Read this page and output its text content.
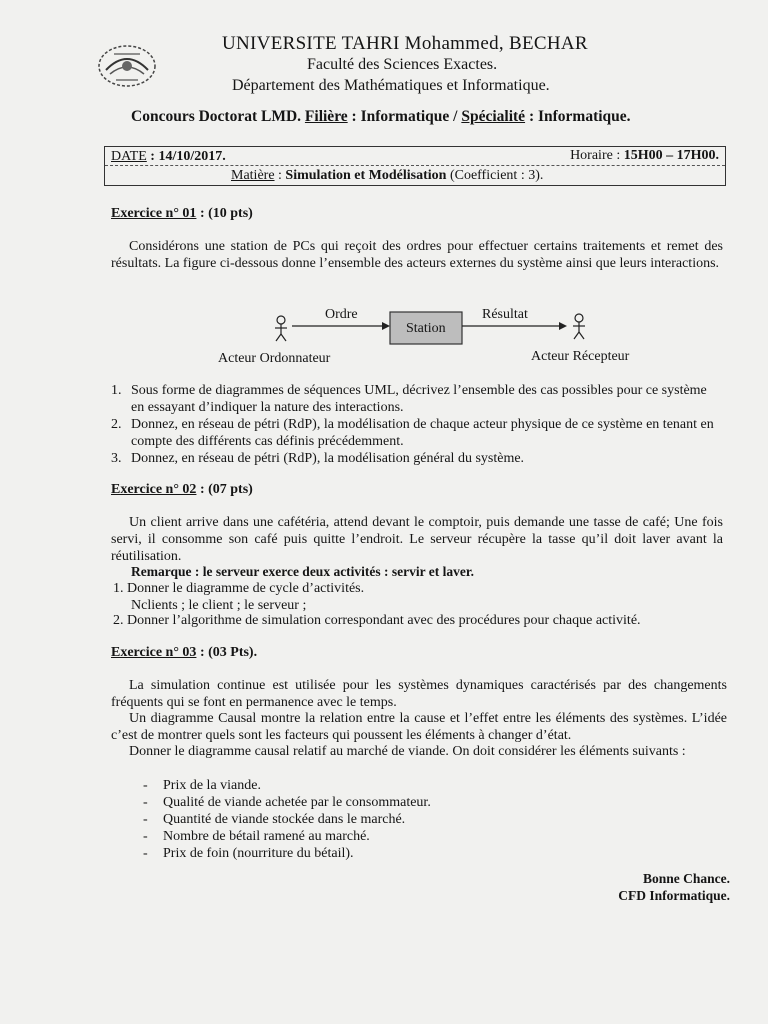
UNIVERSITE TAHRI Mohammed, BECHAR
Faculté des Sciences Exactes.
Département des Mathématiques et Informatique.
Concours Doctorat LMD. Filière : Informatique / Spécialité : Informatique.
DATE : 14/10/2017.	Horaire : 15H00 – 17H00.
Matière : Simulation et Modélisation (Coefficient : 3).
Exercice n° 01 : (10 pts)
Considérons une station de PCs qui reçoit des ordres pour effectuer certains traitements et remet des résultats. La figure ci-dessous donne l’ensemble des acteurs externes du système ainsi que leurs interactions.
Ordre
Station
Résultat
Acteur Ordonnateur	Acteur Récepteur
1. Sous forme de diagrammes de séquences UML, décrivez l’ensemble des cas possibles pour ce système en essayant d’indiquer la nature des interactions.
2. Donnez, en réseau de pétri (RdP), la modélisation de chaque acteur physique de ce système en tenant en compte des différents cas définis précédemment.
3. Donnez, en réseau de pétri (RdP), la modélisation général du système.
Exercice n° 02 : (07 pts)
Un client arrive dans une cafétéria, attend devant le comptoir, puis demande une tasse de café; Une fois servi, il consomme son café puis quitte l’endroit. Le serveur récupère la tasse qu’il doit laver avant la réutilisation.
Remarque : le serveur exerce deux activités : servir et laver.
1. Donner le diagramme de cycle d’activités.
Nclients ; le client ; le serveur ;
2. Donner l’algorithme de simulation correspondant avec des procédures pour chaque activité.
Exercice n° 03 : (03 Pts).
La simulation continue est utilisée pour les systèmes dynamiques caractérisés par des changements fréquents qui se font en permanence avec le temps.
Un diagramme Causal montre la relation entre la cause et l’effet entre les éléments des systèmes. L’idée c’est de montrer quels sont les facteurs qui poussent les éléments à changer d’état.
Donner le diagramme causal relatif au marché de viande. On doit considérer les éléments suivants :
- Prix de la viande.
- Qualité de viande achetée par le consommateur.
- Quantité de viande stockée dans le marché.
- Nombre de bétail ramené au marché.
- Prix de foin (nourriture du bétail).
Bonne Chance.
CFD Informatique.
